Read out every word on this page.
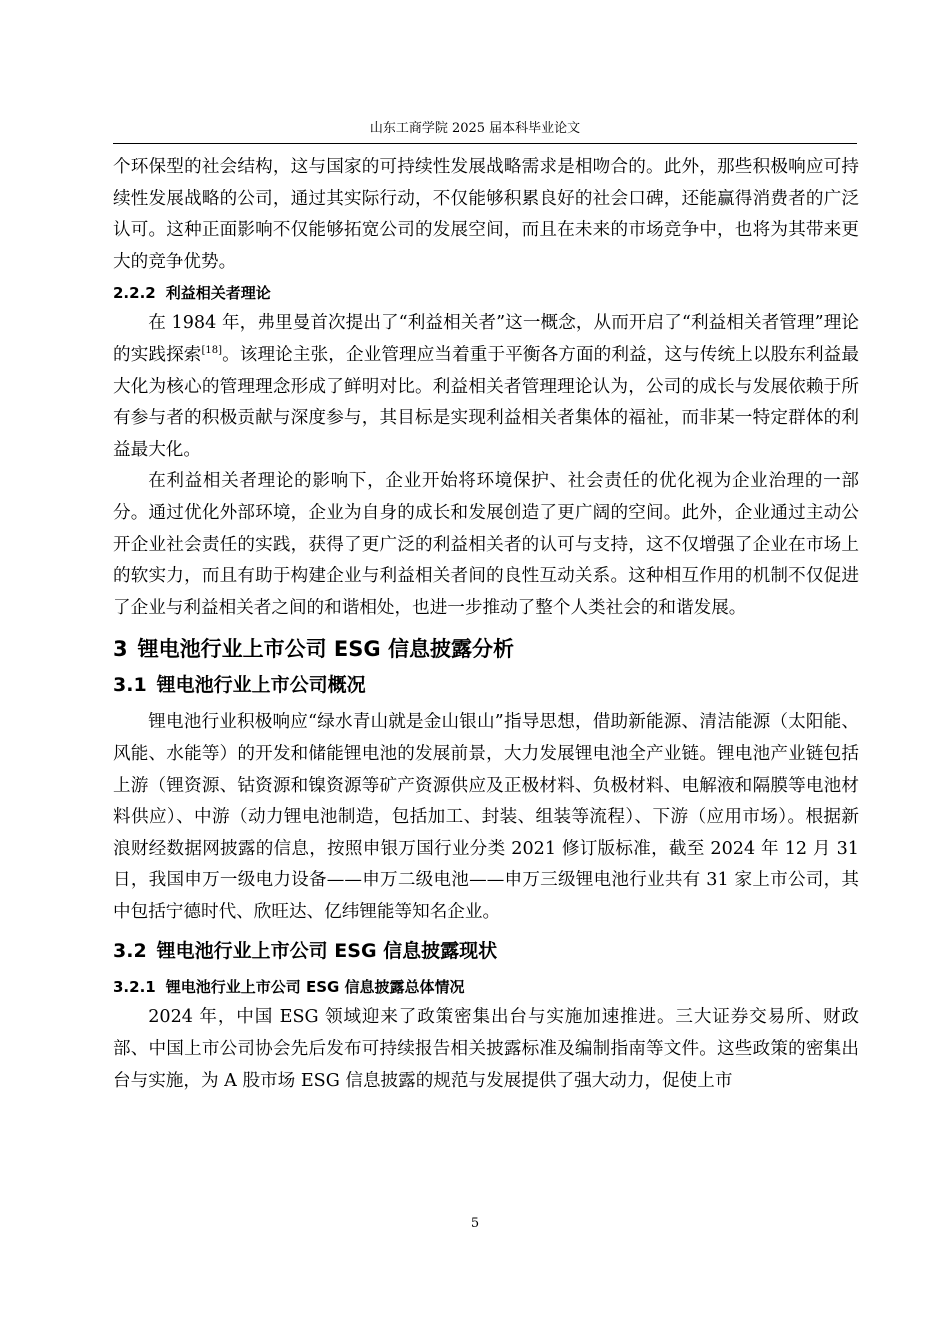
山东工商学院 2025 届本科毕业论文

个环保型的社会结构，这与国家的可持续性发展战略需求是相吻合的。此外，那些积极响应可持续性发展战略的公司，通过其实际行动，不仅能够积累良好的社会口碑，还能赢得消费者的广泛认可。这种正面影响不仅能够拓宽公司的发展空间，而且在未来的市场竞争中，也将为其带来更大的竞争优势。

2.2.2 利益相关者理论

在 1984 年，弗里曼首次提出了“利益相关者”这一概念，从而开启了“利益相关者管理”理论的实践探索[18]。该理论主张，企业管理应当着重于平衡各方面的利益，这与传统上以股东利益最大化为核心的管理理念形成了鲜明对比。利益相关者管理理论认为，公司的成长与发展依赖于所有参与者的积极贡献与深度参与，其目标是实现利益相关者集体的福祉，而非某一特定群体的利益最大化。

在利益相关者理论的影响下，企业开始将环境保护、社会责任的优化视为企业治理的一部分。通过优化外部环境，企业为自身的成长和发展创造了更广阔的空间。此外，企业通过主动公开企业社会责任的实践，获得了更广泛的利益相关者的认可与支持，这不仅增强了企业在市场上的软实力，而且有助于构建企业与利益相关者间的良性互动关系。这种相互作用的机制不仅促进了企业与利益相关者之间的和谐相处，也进一步推动了整个人类社会的和谐发展。

3 锂电池行业上市公司 ESG 信息披露分析
3.1 锂电池行业上市公司概况

锂电池行业积极响应“绿水青山就是金山银山”指导思想，借助新能源、清洁能源（太阳能、风能、水能等）的开发和储能锂电池的发展前景，大力发展锂电池全产业链。锂电池产业链包括上游（锂资源、钴资源和镍资源等矿产资源供应及正极材料、负极材料、电解液和隔膜等电池材料供应）、中游（动力锂电池制造，包括加工、封装、组装等流程）、下游（应用市场）。根据新浪财经数据网披露的信息，按照申银万国行业分类 2021 修订版标准，截至 2024 年 12 月 31 日，我国申万一级电力设备——申万二级电池——申万三级锂电池行业共有 31 家上市公司，其中包括宁德时代、欣旺达、亿纬锂能等知名企业。

3.2 锂电池行业上市公司 ESG 信息披露现状
3.2.1 锂电池行业上市公司 ESG 信息披露总体情况

2024 年，中国 ESG 领域迎来了政策密集出台与实施加速推进。三大证券交易所、财政部、中国上市公司协会先后发布可持续报告相关披露标准及编制指南等文件。这些政策的密集出台与实施，为 A 股市场 ESG 信息披露的规范与发展提供了强大动力，促使上市

5
